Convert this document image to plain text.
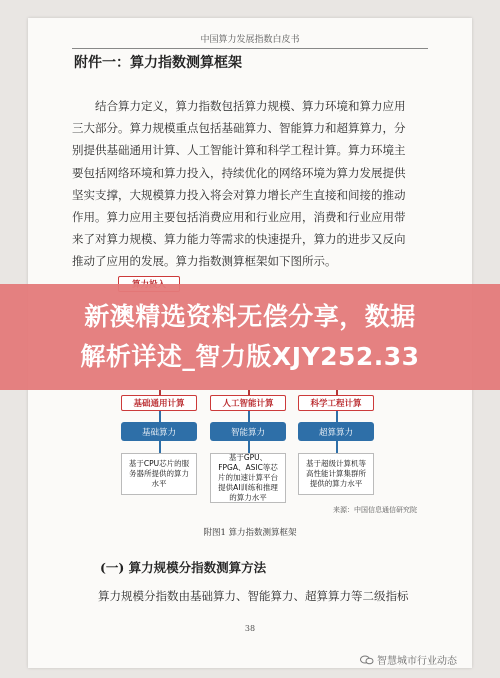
中国算力发展指数白皮书
附件一：算力指数测算框架

结合算力定义，算力指数包括算力规模、算力环境和算力应用

三大部分。算力规模重点包括基础算力、智能算力和超算算力，分

别提供基础通用计算、人工智能计算和科学工程计算。算力环境主

要包括网络环境和算力投入，持续优化的网络环境为算力发展提供

坚实支撑，大规模算力投入将会对算力增长产生直接和间接的推动

作用。算力应用主要包括消费应用和行业应用，消费和行业应用带

来了对算力规模、算力能力等需求的快速提升，算力的进步又反向

推动了应用的发展。算力指数测算框架如下图所示。

新澳精选资料无偿分享，数据
解析详述_智力版XJY252.33
基础通用计算	人工智能计算	科学工程计算
基础算力	智能算力	超算算力
基于CPU芯片的服务器所提供的算力水平
基于GPU、FPGA、ASIC等芯片的加速计算平台提供AI训练和推理的算力水平
基于超级计算机等高性能计算集群所提供的算力水平
来源：中国信息通信研究院
附图1 算力指数测算框架
(一) 算力规模分指数测算方法
算力规模分指数由基础算力、智能算力、超算算力等二级指标
38
智慧城市行业动态
